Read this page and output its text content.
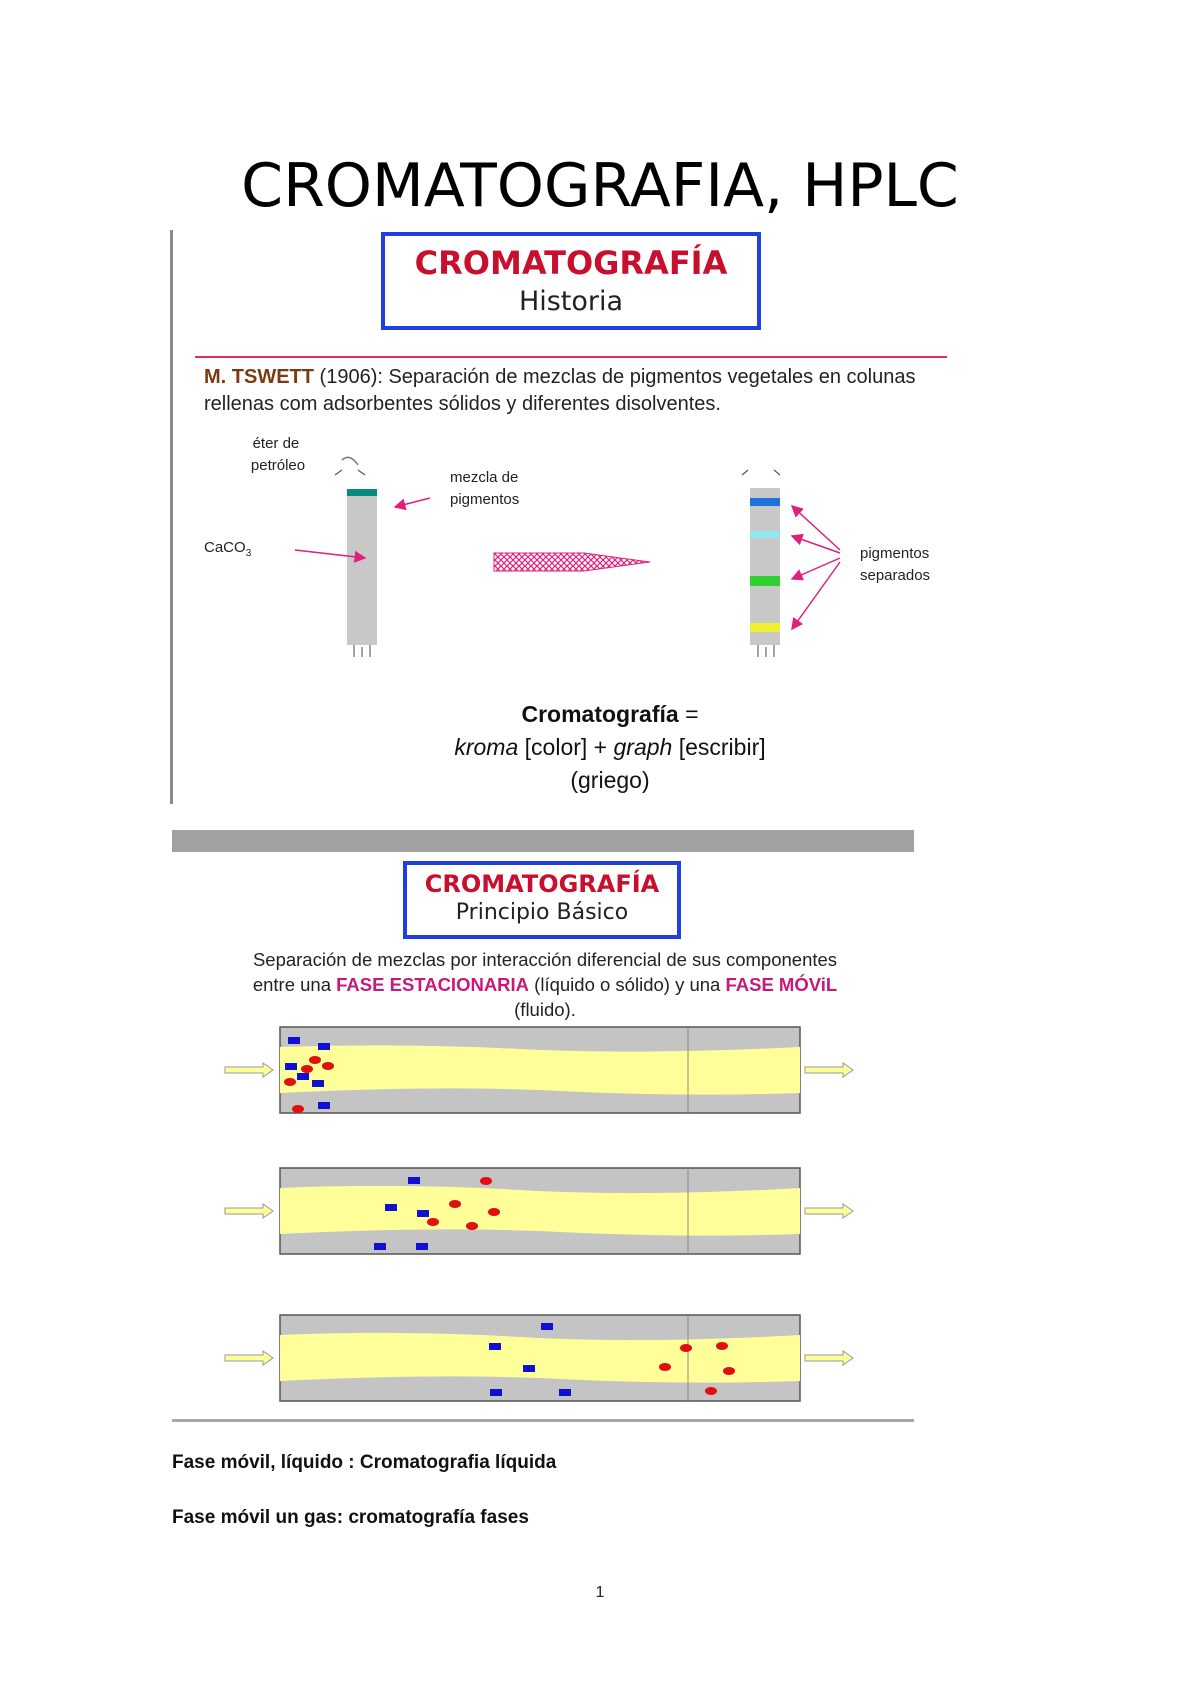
CROMATOGRAFIA, HPLC
CROMATOGRAFÍA
Historia
M. TSWETT (1906): Separación de mezclas de pigmentos vegetales en colunas rellenas com adsorbentes sólidos y diferentes disolventes.
éter de petróleo
mezcla de pigmentos
CaCO$_3$	pigmentos separados
Cromatografía =
kroma [color] + graph [escribir]
(griego)
CROMATOGRAFÍA
Principio Básico
Separación de mezclas por interacción diferencial de sus componentes entre una FASE ESTACIONARIA (líquido o sólido) y una FASE MÓViL (fluido).
Fase móvil, líquido : Cromatografia líquida
Fase móvil un gas: cromatografía fases
1
